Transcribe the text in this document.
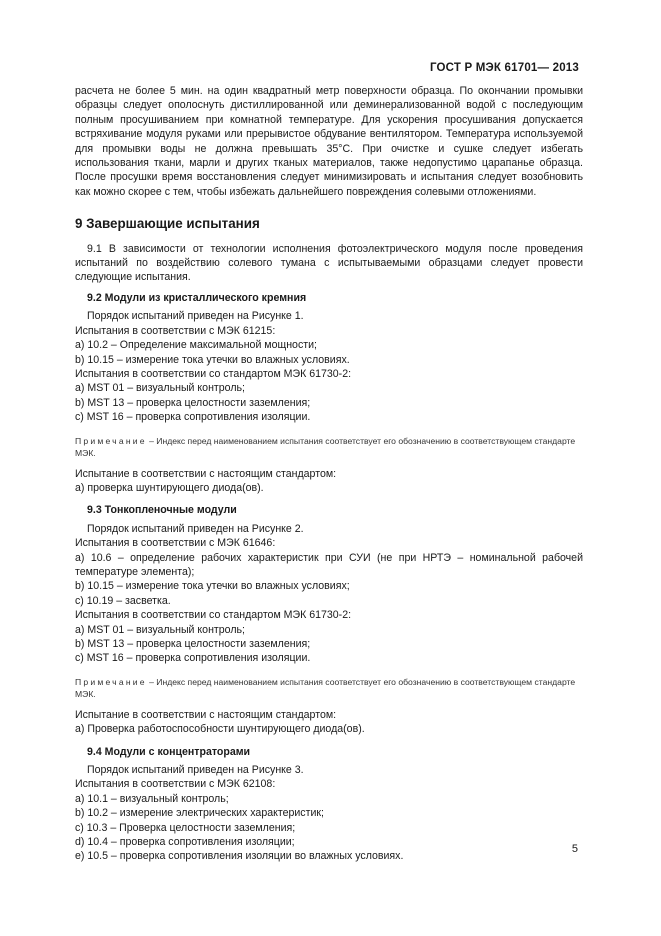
ГОСТ Р МЭК 61701— 2013

расчета не более 5 мин. на один квадратный метр поверхности образца. По окончании промывки образцы следует ополоснуть дистиллированной или деминерализованной водой с последующим полным просушиванием при комнатной температуре. Для ускорения просушивания допускается встряхивание модуля руками или прерывистое обдувание вентилятором. Температура используемой для промывки воды не должна превышать 35°С. При очистке и сушке следует избегать использования ткани, марли и других тканых материалов, также недопустимо царапанье образца. После просушки время восстановления следует минимизировать и испытания следует возобновить как можно скорее с тем, чтобы избежать дальнейшего повреждения солевыми отложениями.

9 Завершающие испытания

9.1 В зависимости от технологии исполнения фотоэлектрического модуля после проведения испытаний по воздействию солевого тумана с испытываемыми образцами следует провести следующие испытания.

9.2 Модули из кристаллического кремния

Порядок испытаний приведен на Рисунке 1.

Испытания в соответствии с МЭК 61215:

a) 10.2 – Определение максимальной мощности;

b) 10.15 – измерение тока утечки во влажных условиях.

Испытания в соответствии со стандартом МЭК 61730-2:

a) MST 01 – визуальный контроль;

b) MST 13 – проверка целостности заземления;

c) MST 16 – проверка сопротивления изоляции.

Примечание – Индекс перед наименованием испытания соответствует его обозначению в соответствующем стандарте МЭК.

Испытание в соответствии с настоящим стандартом:

а) проверка шунтирующего диода(ов).

9.3 Тонкопленочные модули

Порядок испытаний приведен на Рисунке 2.

Испытания в соответствии с МЭК 61646:

a) 10.6 – определение рабочих характеристик при СУИ (не при НРТЭ – номинальной рабочей температуре элемента);

b) 10.15 – измерение тока утечки во влажных условиях;

c) 10.19 – засветка.

Испытания в соответствии со стандартом МЭК 61730-2:

a) MST 01 – визуальный контроль;

b) MST 13 – проверка целостности заземления;

c) MST 16 – проверка сопротивления изоляции.

Примечание – Индекс перед наименованием испытания соответствует его обозначению в соответствующем стандарте МЭК.

Испытание в соответствии с настоящим стандартом:

а) Проверка работоспособности шунтирующего диода(ов).

9.4 Модули с концентраторами

Порядок испытаний приведен на Рисунке 3.

Испытания в соответствии с МЭК 62108:

a) 10.1 – визуальный контроль;

b) 10.2 – измерение электрических характеристик;

c) 10.3 – Проверка целостности заземления;

d) 10.4 – проверка сопротивления изоляции;

e) 10.5 – проверка сопротивления изоляции во влажных условиях.

5
